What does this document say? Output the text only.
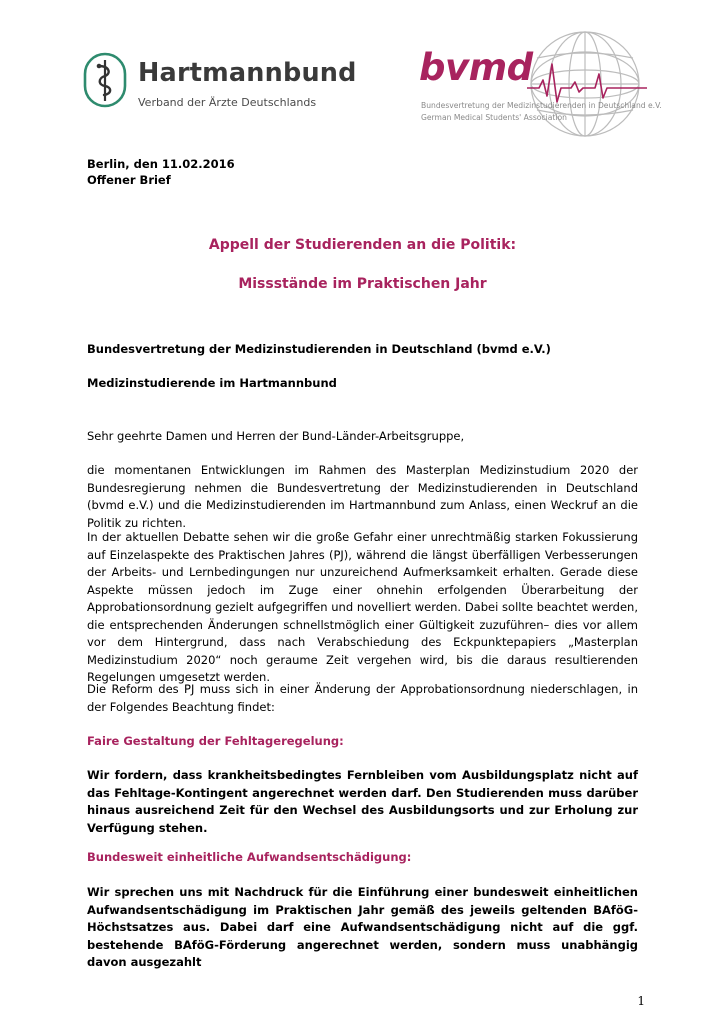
Hartmannbund
Verband der Ärzte Deutschlands
bvmd
Bundesvertretung der Medizinstudierenden in Deutschland e.V.
German Medical Students' Association
Berlin, den 11.02.2016
Offener Brief
Appell der Studierenden an die Politik:
Missstände im Praktischen Jahr
Bundesvertretung der Medizinstudierenden in Deutschland (bvmd e.V.)
Medizinstudierende im Hartmannbund
Sehr geehrte Damen und Herren der Bund-Länder-Arbeitsgruppe,
die momentanen Entwicklungen im Rahmen des Masterplan Medizinstudium 2020 der Bundesregierung nehmen die Bundesvertretung der Medizinstudierenden in Deutschland (bvmd e.V.) und die Medizinstudierenden im Hartmannbund zum Anlass, einen Weckruf an die Politik zu richten.
In der aktuellen Debatte sehen wir die große Gefahr einer unrechtmäßig starken Fokussierung auf Einzelaspekte des Praktischen Jahres (PJ), während die längst überfälligen Verbesserungen der Arbeits- und Lernbedingungen nur unzureichend Aufmerksamkeit erhalten. Gerade diese Aspekte müssen jedoch im Zuge einer ohnehin erfolgenden Überarbeitung der Approbationsordnung gezielt aufgegriffen und novelliert werden. Dabei sollte beachtet werden, die entsprechenden Änderungen schnellstmöglich einer Gültigkeit zuzuführen– dies vor allem vor dem Hintergrund, dass nach Verabschiedung des Eckpunktepapiers „Masterplan Medizinstudium 2020“ noch geraume Zeit vergehen wird, bis die daraus resultierenden Regelungen umgesetzt werden.
Die Reform des PJ muss sich in einer Änderung der Approbationsordnung niederschlagen, in der Folgendes Beachtung findet:
Faire Gestaltung der Fehltageregelung:
Wir fordern, dass krankheitsbedingtes Fernbleiben vom Ausbildungsplatz nicht auf das Fehltage-Kontingent angerechnet werden darf. Den Studierenden muss darüber hinaus ausreichend Zeit für den Wechsel des Ausbildungsorts und zur Erholung zur Verfügung stehen.
Bundesweit einheitliche Aufwandsentschädigung:
Wir sprechen uns mit Nachdruck für die Einführung einer bundesweit einheitlichen Aufwandsentschädigung im Praktischen Jahr gemäß des jeweils geltenden BAföG-Höchstsatzes aus. Dabei darf eine Aufwandsentschädigung nicht auf die ggf. bestehende BAföG-Förderung angerechnet werden, sondern muss unabhängig davon ausgezahlt
1
